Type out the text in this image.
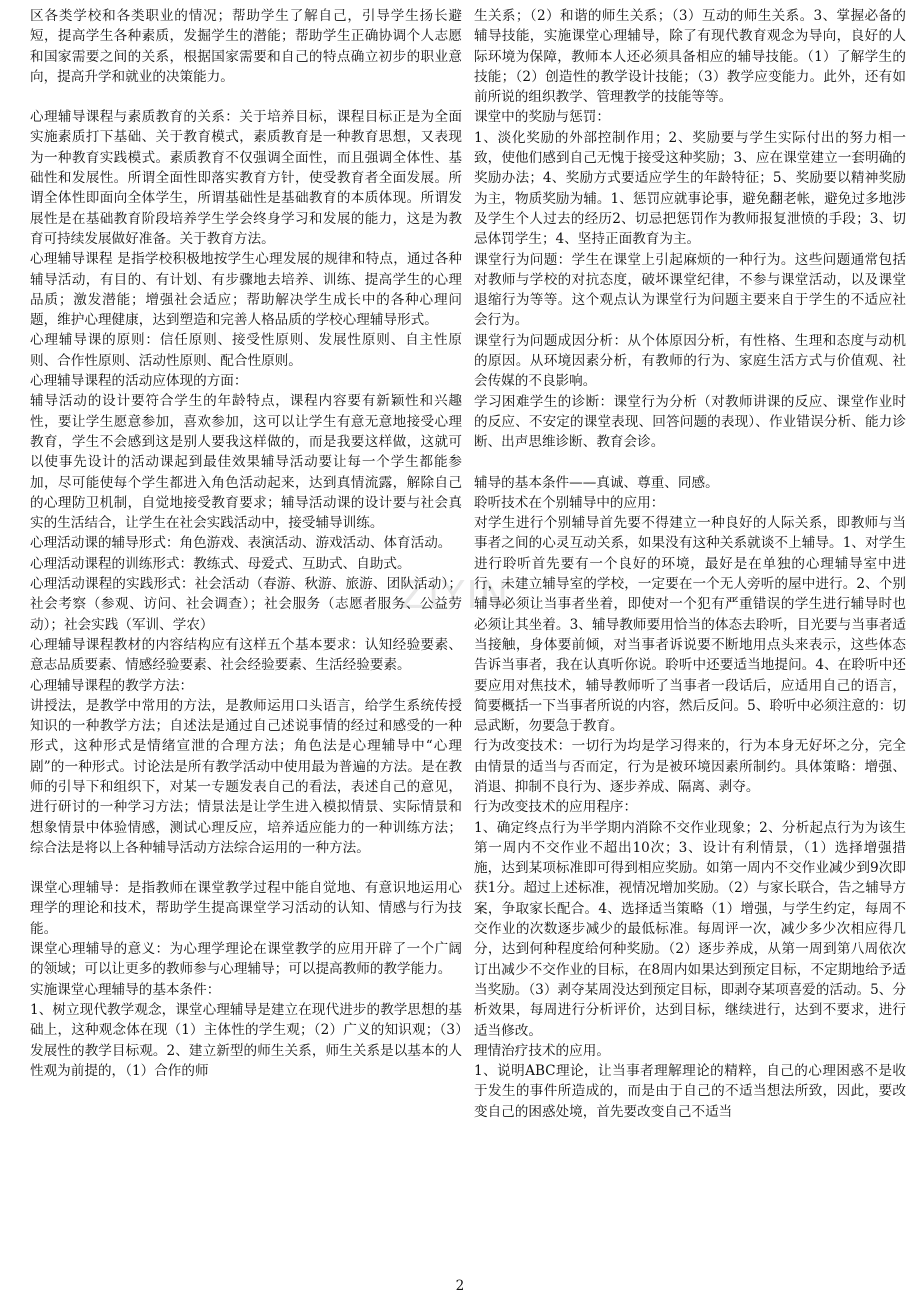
ZIYIN

区各类学校和各类职业的情况；帮助学生了解自己，引导学生扬长避短，提高学生各种素质，发掘学生的潜能；帮助学生正确协调个人志愿和国家需要之间的关系，根据国家需要和自己的特点确立初步的职业意向，提高升学和就业的决策能力。

心理辅导课程与素质教育的关系：关于培养目标，课程目标正是为全面实施素质打下基础、关于教育模式，素质教育是一种教育思想，又表现为一种教育实践模式。素质教育不仅强调全面性，而且强调全体性、基础性和发展性。所谓全面性即落实教育方针，使受教育者全面发展。所谓全体性即面向全体学生，所谓基础性是基础教育的本质体现。所谓发展性是在基础教育阶段培养学生学会终身学习和发展的能力，这是为教育可持续发展做好准备。关于教育方法。

心理辅导课程 是指学校积极地按学生心理发展的规律和特点，通过各种辅导活动，有目的、有计划、有步骤地去培养、训练、提高学生的心理品质；激发潜能；增强社会适应；帮助解决学生成长中的各种心理问题，维护心理健康，达到塑造和完善人格品质的学校心理辅导形式。

心理辅导课的原则：信任原则、接受性原则、发展性原则、自主性原则、合作性原则、活动性原则、配合性原则。

心理辅导课程的活动应体现的方面：

辅导活动的设计要符合学生的年龄特点，课程内容要有新颖性和兴趣性，要让学生愿意参加，喜欢参加，这可以让学生有意无意地接受心理教育，学生不会感到这是别人要我这样做的，而是我要这样做，这就可以使事先设计的活动课起到最佳效果辅导活动要让每一个学生都能参加，尽可能使每个学生都进入角色活动起来，达到真情流露，解除自己的心理防卫机制，自觉地接受教育要求；辅导活动课的设计要与社会真实的生活结合，让学生在社会实践活动中，接受辅导训练。

心理活动课的辅导形式：角色游戏、表演活动、游戏活动、体育活动。

心理活动课程的训练形式：教练式、母爱式、互助式、自助式。

心理活动课程的实践形式：社会活动（春游、秋游、旅游、团队活动）；社会考察（参观、访问、社会调查）；社会服务（志愿者服务、公益劳动）；社会实践（军训、学农）

心理辅导课程教材的内容结构应有这样五个基本要求：认知经验要素、意志品质要素、情感经验要素、社会经验要素、生活经验要素。

心理辅导课程的教学方法：

讲授法，是教学中常用的方法，是教师运用口头语言，给学生系统传授知识的一种教学方法；自述法是通过自己述说事情的经过和感受的一种形式，这种形式是情绪宣泄的合理方法；角色法是心理辅导中“心理剧”的一种形式。讨论法是所有教学活动中使用最为普遍的方法。是在教师的引导下和组织下，对某一专题发表自己的看法，表述自己的意见，进行研讨的一种学习方法；情景法是让学生进入模拟情景、实际情景和想象情景中体验情感，测试心理反应，培养适应能力的一种训练方法；综合法是将以上各种辅导活动方法综合运用的一种方法。

课堂心理辅导：是指教师在课堂教学过程中能自觉地、有意识地运用心理学的理论和技术，帮助学生提高课堂学习活动的认知、情感与行为技能。

课堂心理辅导的意义：为心理学理论在课堂教学的应用开辟了一个广阔的领域；可以让更多的教师参与心理辅导；可以提高教师的教学能力。

实施课堂心理辅导的基本条件：

1、树立现代教学观念，课堂心理辅导是建立在现代进步的教学思想的基础上，这种观念体在现（1）主体性的学生观；（2）广义的知识观；（3）发展性的教学目标观。2、建立新型的师生关系，师生关系是以基本的人性观为前提的，（1）合作的师

生关系；（2）和谐的师生关系；（3）互动的师生关系。3、掌握必备的辅导技能，实施课堂心理辅导，除了有现代教育观念为导向，良好的人际环境为保障，教师本人还必须具备相应的辅导技能。（1）了解学生的技能；（2）创造性的教学设计技能；（3）教学应变能力。此外，还有如前所说的组织教学、管理教学的技能等等。

课堂中的奖励与惩罚：

1、淡化奖励的外部控制作用；2、奖励要与学生实际付出的努力相一致，使他们感到自己无愧于接受这种奖励；3、应在课堂建立一套明确的奖励办法；4、奖励方式要适应学生的年龄特征；5、奖励要以精神奖励为主，物质奖励为辅。1、惩罚应就事论事，避免翻老帐，避免过多地涉及学生个人过去的经历2、切忌把惩罚作为教师报复泄愤的手段；3、切忌体罚学生；4、坚持正面教育为主。

课堂行为问题：学生在课堂上引起麻烦的一种行为。这些问题通常包括对教师与学校的对抗态度，破坏课堂纪律，不参与课堂活动，以及课堂退缩行为等等。这个观点认为课堂行为问题主要来自于学生的不适应社会行为。

课堂行为问题成因分析：从个体原因分析，有性格、生理和态度与动机的原因。从环境因素分析，有教师的行为、家庭生活方式与价值观、社会传媒的不良影响。

学习困难学生的诊断：课堂行为分析（对教师讲课的反应、课堂作业时的反应、不安定的课堂表现、回答问题的表现）、作业错误分析、能力诊断、出声思维诊断、教育会诊。

辅导的基本条件——真诚、尊重、同感。

聆听技术在个别辅导中的应用：

对学生进行个别辅导首先要不得建立一种良好的人际关系，即教师与当事者之间的心灵互动关系，如果没有这种关系就谈不上辅导。1、对学生进行聆听首先要有一个良好的环境，最好是在单独的心理辅导室中进行，未建立辅导室的学校，一定要在一个无人旁听的屋中进行。2、个别辅导必须让当事者坐着，即使对一个犯有严重错误的学生进行辅导时也必须让其坐着。3、辅导教师要用恰当的体态去聆听，目光要与当事者适当接触，身体要前倾，对当事者诉说要不断地用点头来表示，这些体态告诉当事者，我在认真听你说。聆听中还要适当地提问。4、在聆听中还要应用对焦技术，辅导教师听了当事者一段话后，应适用自己的语言，简要概括一下当事者所说的内容，然后反问。5、聆听中必须注意的：切忌武断，勿要急于教育。

行为改变技术：一切行为均是学习得来的，行为本身无好坏之分，完全由情景的适当与否而定，行为是被环境因素所制约。具体策略：增强、消退、抑制不良行为、逐步养成、隔离、剥夺。

行为改变技术的应用程序：

1、确定终点行为半学期内消除不交作业现象；2、分析起点行为为该生第一周内不交作业不超出10次；3、设计有利情景，（1）选择增强措施，达到某项标准即可得到相应奖励。如第一周内不交作业减少到9次即获1分。超过上述标准，视情况增加奖励。（2）与家长联合，告之辅导方案，争取家长配合。4、选择适当策略（1）增强，与学生约定，每周不交作业的次数逐步减少的最低标准。每周评一次，减少多少次相应得几分，达到何种程度给何种奖励。（2）逐步养成，从第一周到第八周依次订出减少不交作业的目标，在8周内如果达到预定目标，不定期地给予适当奖励。（3）剥夺某周没达到预定目标，即剥夺某项喜爱的活动。5、分析效果，每周进行分析评价，达到目标，继续进行，达到不要求，进行适当修改。

理情治疗技术的应用。

1、说明ABC理论，让当事者理解理论的精粹，自己的心理困惑不是收于发生的事件所造成的，而是由于自己的不适当想法所致，因此，要改变自己的困惑处境，首先要改变自己不适当

2
